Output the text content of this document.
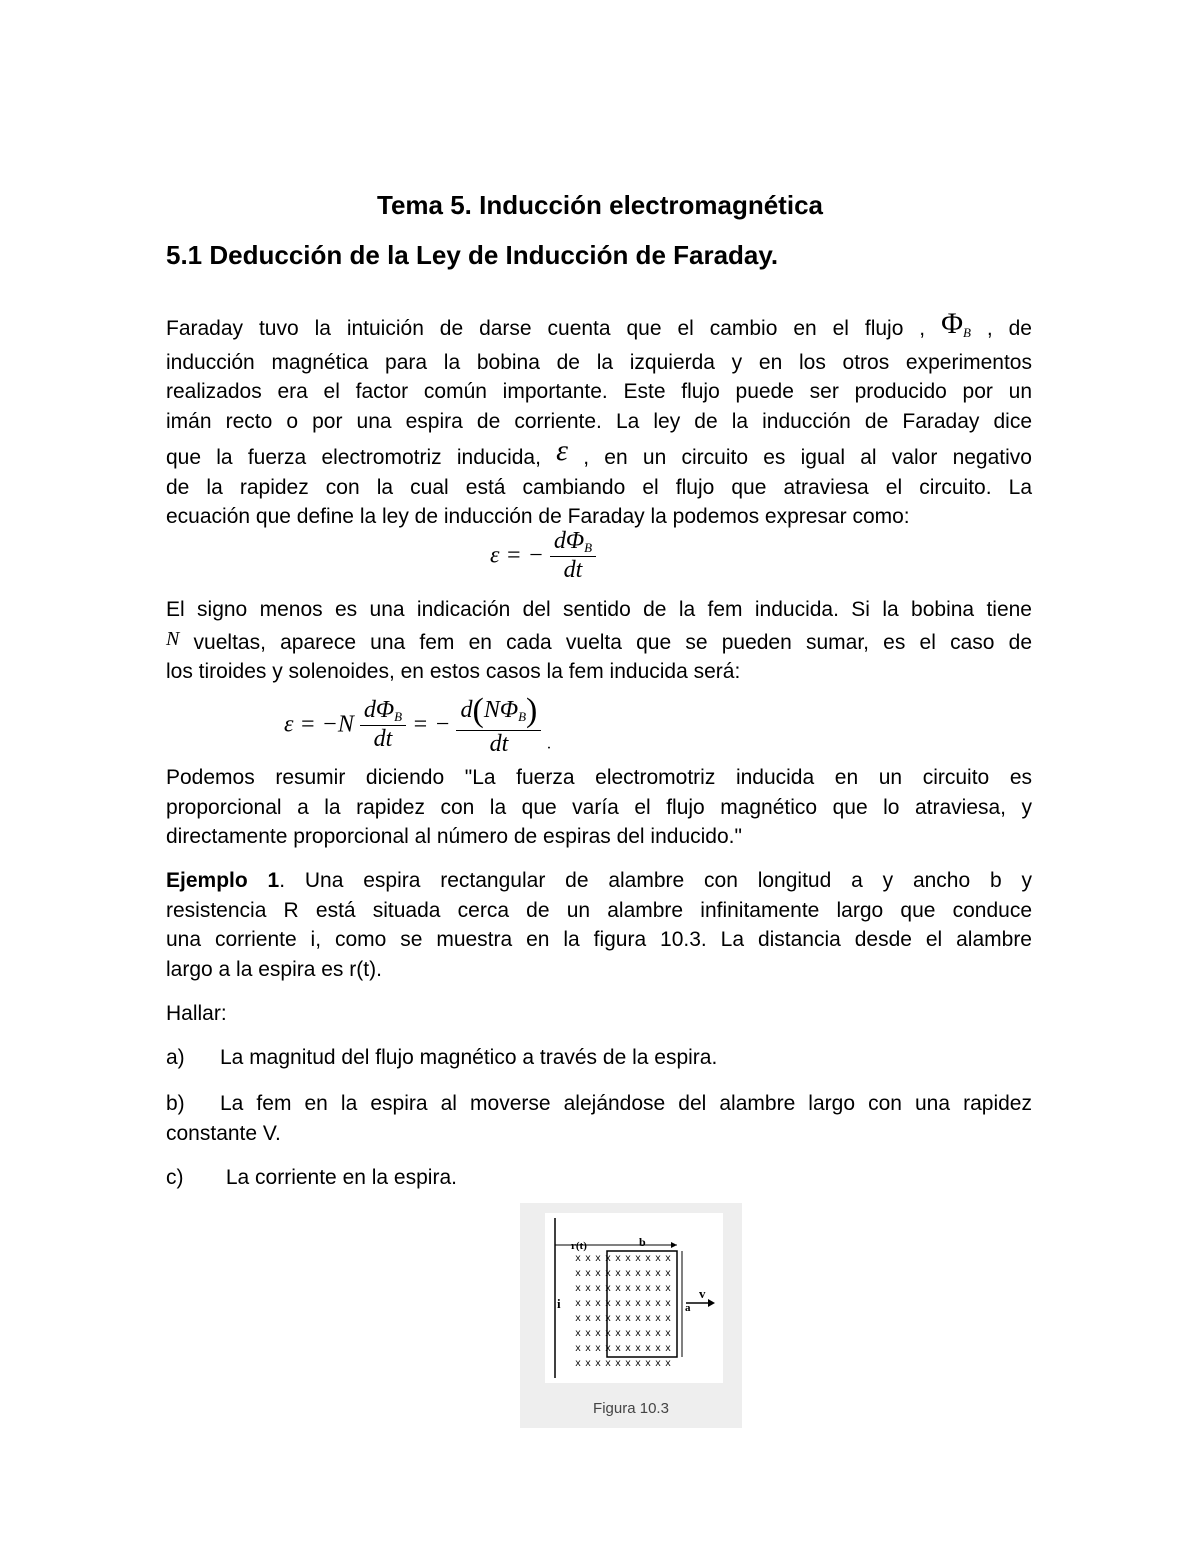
Tema 5. Inducción electromagnética
5.1 Deducción de la Ley de Inducción de Faraday.
Faraday tuvo la intuición de darse cuenta que el cambio en el flujo , $\Phi_B$ , de
inducción magnética para la bobina de la izquierda y en los otros experimentos
realizados era el factor común importante. Este flujo puede ser producido por un
imán recto o por una espira de corriente. La ley de la inducción de Faraday dice
que la fuerza electromotriz inducida, ε , en un circuito es igual al valor negativo
de la rapidez con la cual está cambiando el flujo que atraviesa el circuito. La
ecuación que define la ley de inducción de Faraday la podemos expresar como:
ε = − $\frac{d\Phi_B}{dt}$
El signo menos es una indicación del sentido de la fem inducida. Si la bobina tiene
N vueltas, aparece una fem en cada vuelta que se pueden sumar, es el caso de
los tiroides y solenoides, en estos casos la fem inducida será:
$\varepsilon = -N \frac{d\Phi_B}{dt}$ = − $\frac{d(N\Phi_B)}{dt} _.$
Podemos resumir diciendo "La fuerza electromotriz inducida en un circuito es
proporcional a la rapidez con la que varía el flujo magnético que lo atraviesa, y
directamente proporcional al número de espiras del inducido."
Ejemplo 1. Una espira rectangular de alambre con longitud a y ancho b y
resistencia R está situada cerca de un alambre infinitamente largo que conduce
una corriente i, como se muestra en la figura 10.3. La distancia desde el alambre
largo a la espira es r(t).
Hallar:
a) La magnitud del flujo magnético a través de la espira.
b) La fem en la espira al moverse alejándose del alambre largo con una rapidez
constante V.
c) La corriente en la espira.
r(t)	b
i
v
a
x x x x x x x x x x
x x x x x x x x x x
x x x x x x x x x x
x x x x x x x x x x
x x x x x x x x x x
x x x x x x x x x x
x x x x x x x x x x
x x x x x x x x x x
Figura 10.3
